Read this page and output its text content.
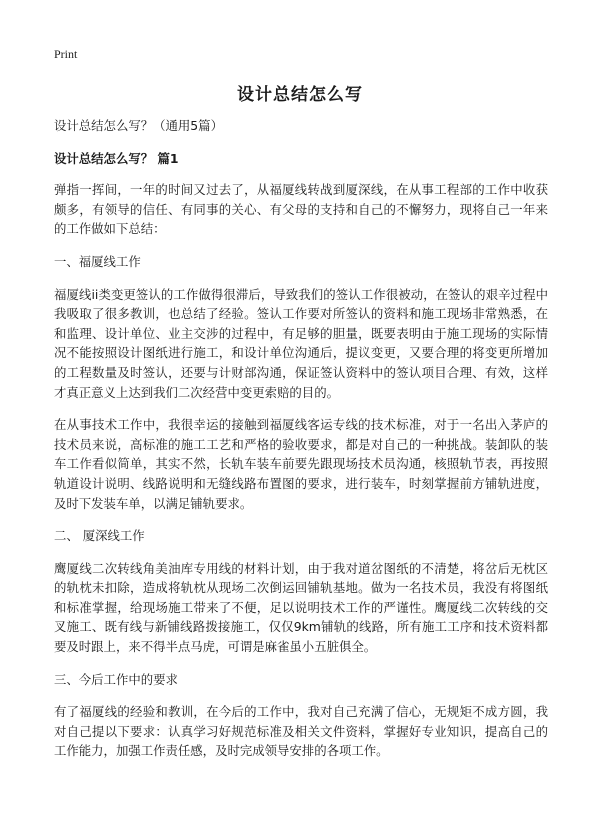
Print
设计总结怎么写

设计总结怎么写？（通用5篇）

设计总结怎么写？ 篇1

弹指一挥间，一年的时间又过去了，从福厦线转战到厦深线，在从事工程部的工作中收获颇多，有领导的信任、有同事的关心、有父母的支持和自己的不懈努力，现将自己一年来的工作做如下总结：

一、福厦线工作

福厦线ii类变更签认的工作做得很滞后，导致我们的签认工作很被动，在签认的艰辛过程中我吸取了很多教训，也总结了经验。签认工作要对所签认的资料和施工现场非常熟悉，在和监理、设计单位、业主交涉的过程中，有足够的胆量，既要表明由于施工现场的实际情况不能按照设计图纸进行施工，和设计单位沟通后，提议变更，又要合理的将变更所增加的工程数量及时签认，还要与计财部沟通，保证签认资料中的签认项目合理、有效，这样才真正意义上达到我们二次经营中变更索赔的目的。

在从事技术工作中，我很幸运的接触到福厦线客运专线的技术标准，对于一名出入茅庐的技术员来说，高标准的施工工艺和严格的验收要求，都是对自己的一种挑战。装卸队的装车工作看似简单，其实不然，长轨车装车前要先跟现场技术员沟通，核照轨节表，再按照轨道设计说明、线路说明和无缝线路布置图的要求，进行装车，时刻掌握前方铺轨进度，及时下发装车单，以满足铺轨要求。

二、 厦深线工作

鹰厦线二次转线角美油库专用线的材料计划，由于我对道岔图纸的不清楚，将岔后无枕区的轨枕未扣除，造成将轨枕从现场二次倒运回铺轨基地。做为一名技术员，我没有将图纸和标准掌握，给现场施工带来了不便，足以说明技术工作的严谨性。鹰厦线二次转线的交叉施工、既有线与新铺线路拨接施工，仅仅9km铺轨的线路，所有施工工序和技术资料都要及时跟上，来不得半点马虎，可谓是麻雀虽小五脏俱全。

三、今后工作中的要求

有了福厦线的经验和教训，在今后的工作中，我对自己充满了信心，无规矩不成方圆，我对自己提以下要求：认真学习好规范标准及相关文件资料，掌握好专业知识，提高自己的工作能力，加强工作责任感，及时完成领导安排的各项工作。
